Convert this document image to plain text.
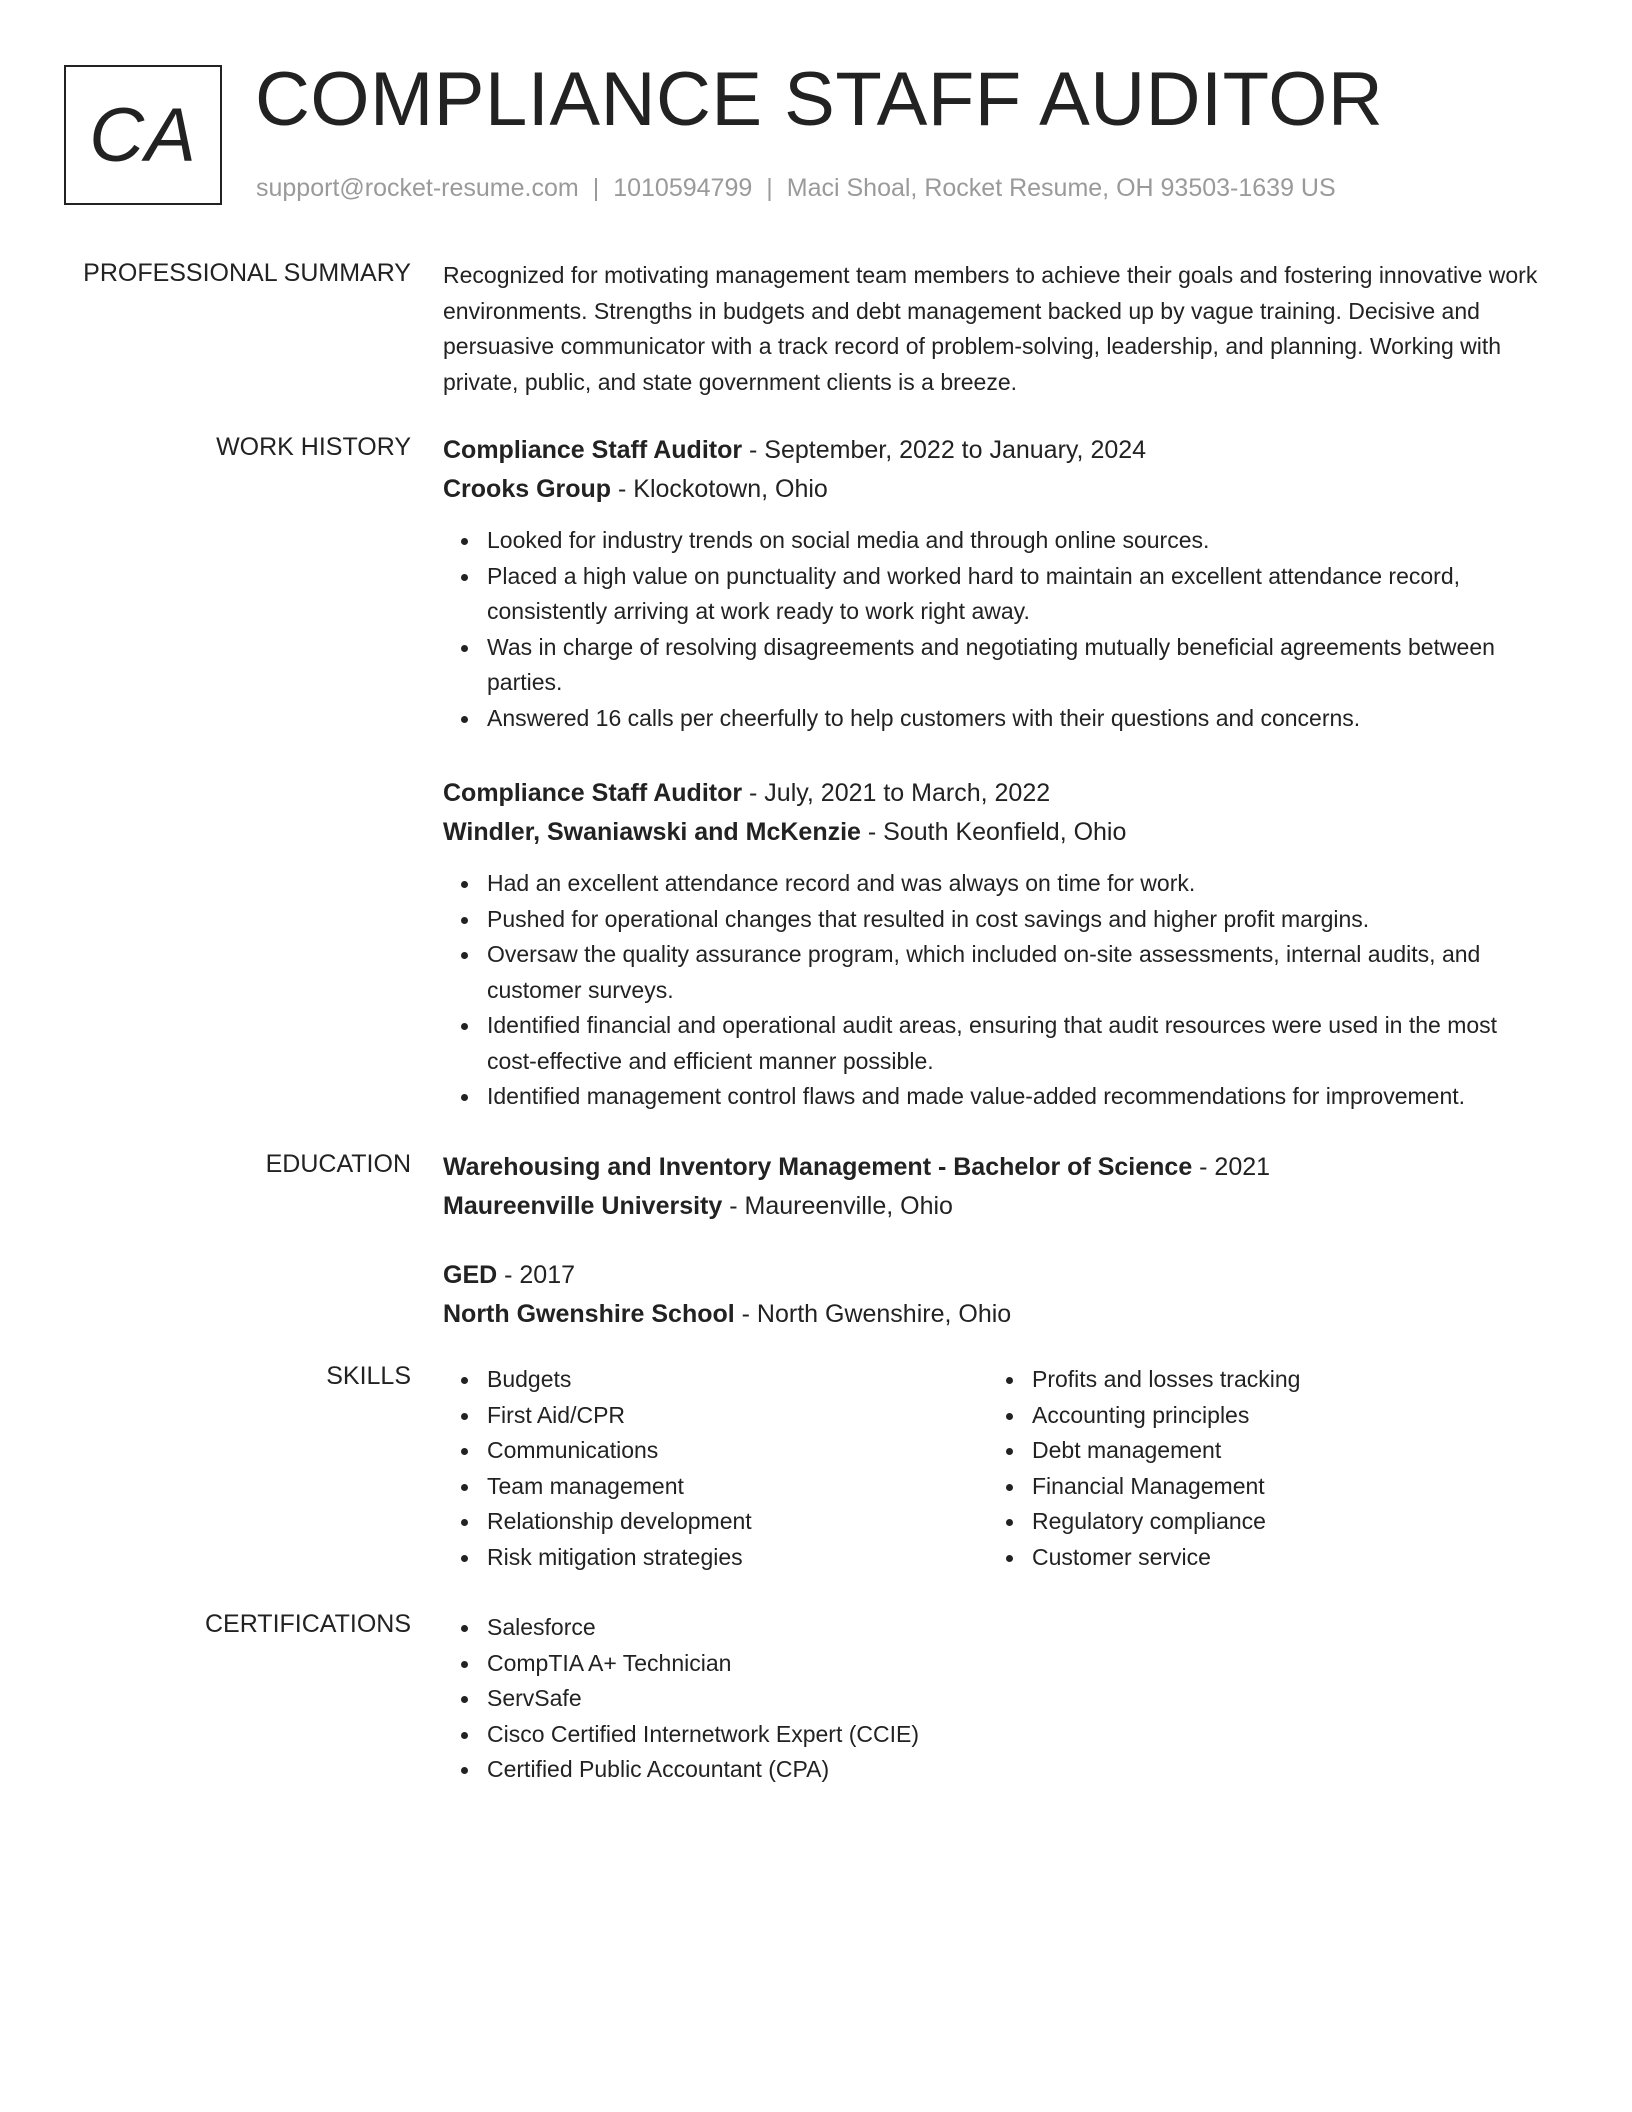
CA COMPLIANCE STAFF AUDITOR
support@rocket-resume.com | 1010594799 | Maci Shoal, Rocket Resume, OH 93503-1639 US
PROFESSIONAL SUMMARY Recognized for motivating management team members to achieve their goals and fostering innovative work environments. Strengths in budgets and debt management backed up by vague training. Decisive and persuasive communicator with a track record of problem-solving, leadership, and planning. Working with private, public, and state government clients is a breeze.

WORK HISTORY Compliance Staff Auditor - September, 2022 to January, 2024
Crooks Group - Klockotown, Ohio
Looked for industry trends on social media and through online sources.
Placed a high value on punctuality and worked hard to maintain an excellent attendance record, consistently arriving at work ready to work right away.
Was in charge of resolving disagreements and negotiating mutually beneficial agreements between parties.
Answered 16 calls per cheerfully to help customers with their questions and concerns.
Compliance Staff Auditor - July, 2021 to March, 2022
Windler, Swaniawski and McKenzie - South Keonfield, Ohio
Had an excellent attendance record and was always on time for work.
Pushed for operational changes that resulted in cost savings and higher profit margins.
Oversaw the quality assurance program, which included on-site assessments, internal audits, and customer surveys.
Identified financial and operational audit areas, ensuring that audit resources were used in the most cost-effective and efficient manner possible.
Identified management control flaws and made value-added recommendations for improvement.
EDUCATION Warehousing and Inventory Management - Bachelor of Science - 2021
Maureenville University - Maureenville, Ohio
GED - 2017
North Gwenshire School - North Gwenshire, Ohio
SKILLS	Budgets
First Aid/CPR
Communications
Team management
Relationship development
Risk mitigation strategies
Profits and losses tracking
Accounting principles
Debt management
Financial Management
Regulatory compliance
Customer service
CERTIFICATIONS	Salesforce
CompTIA A+ Technician
ServSafe
Cisco Certified Internetwork Expert (CCIE)
Certified Public Accountant (CPA)
